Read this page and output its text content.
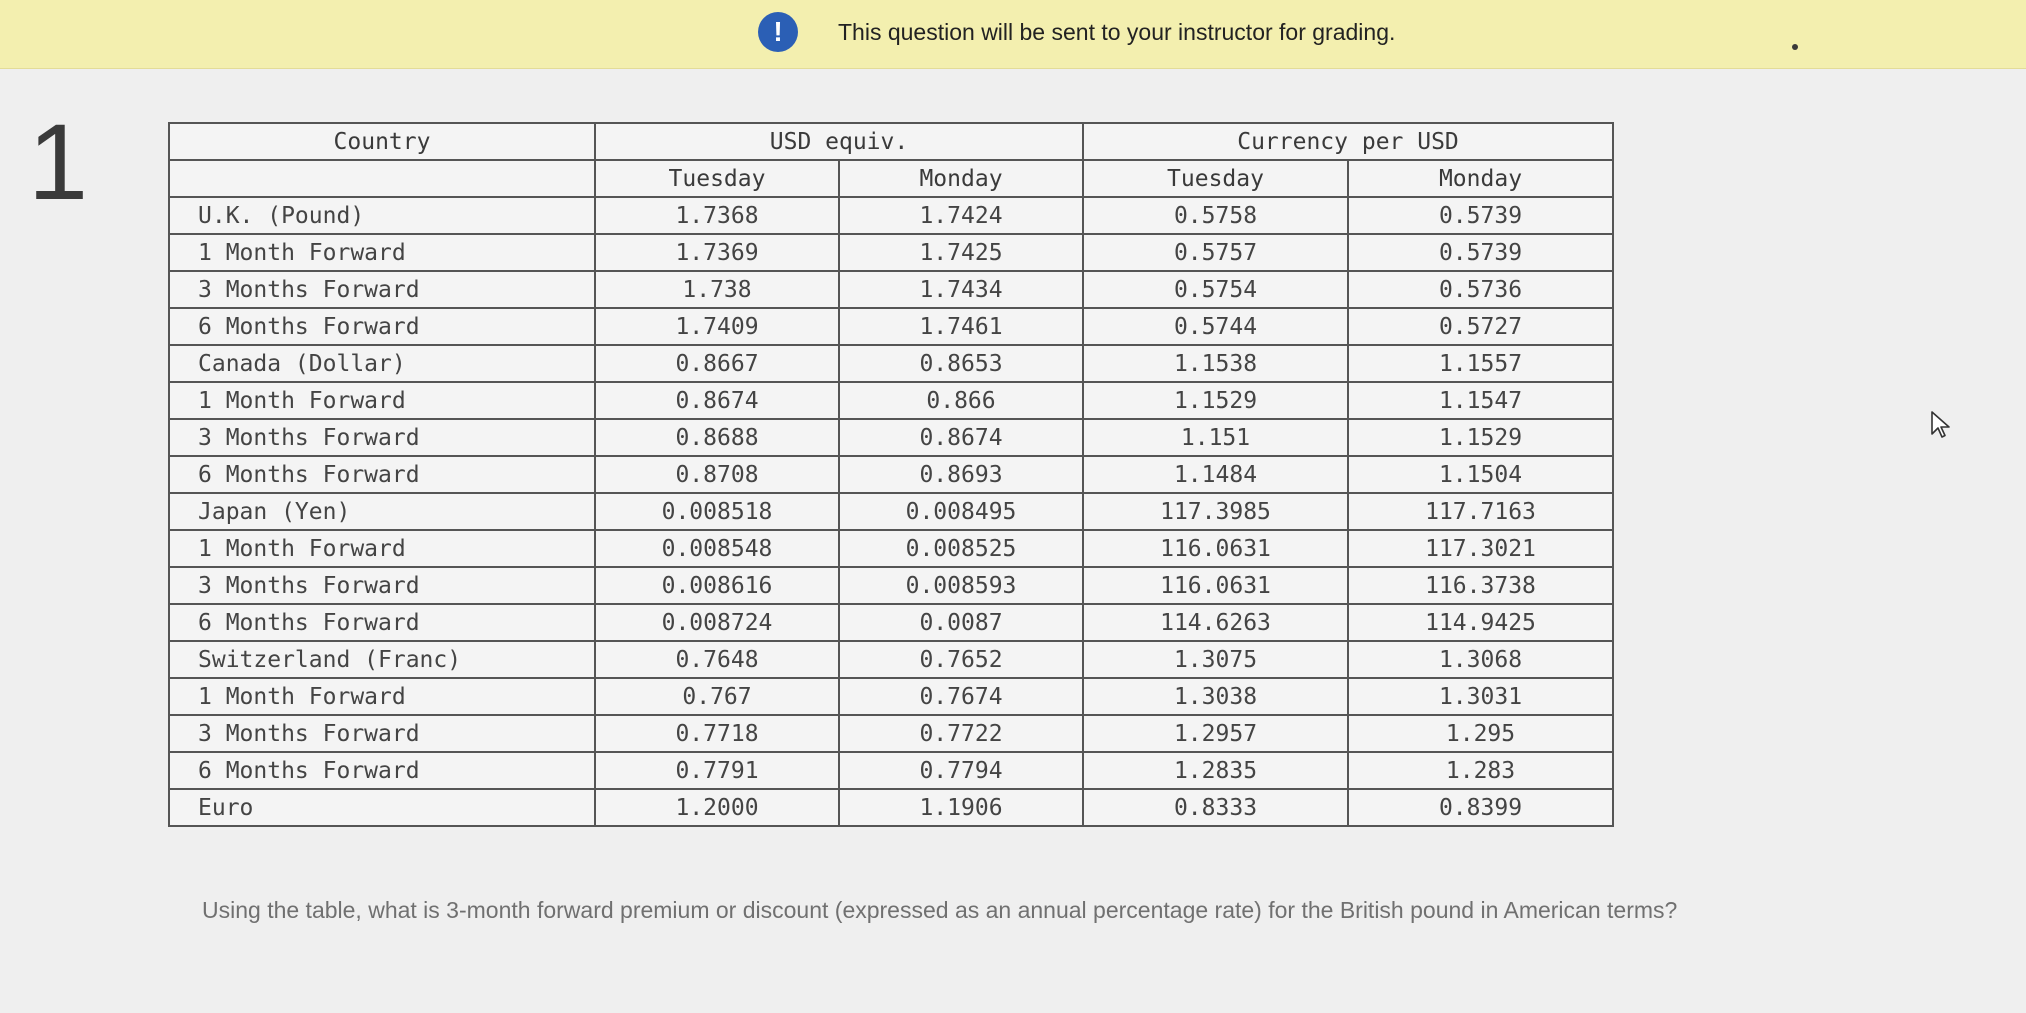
!	This question will be sent to your instructor for grading.
1	Country	USD equiv.		Currency per USD	
	Tuesday	Monday	Tuesday	Monday
U.K. (Pound)	1.7368	1.7424	0.5758	0.5739
1 Month Forward	1.7369	1.7425	0.5757	0.5739
3 Months Forward	1.738	1.7434	0.5754	0.5736
6 Months Forward	1.7409	1.7461	0.5744	0.5727
Canada (Dollar)	0.8667	0.8653	1.1538	1.1557
1 Month Forward	0.8674	0.866	1.1529	1.1547
3 Months Forward	0.8688	0.8674	1.151	1.1529
6 Months Forward	0.8708	0.8693	1.1484	1.1504
Japan (Yen)	0.008518	0.008495	117.3985	117.7163
1 Month Forward	0.008548	0.008525	116.0631	117.3021
3 Months Forward	0.008616	0.008593	116.0631	116.3738
6 Months Forward	0.008724	0.0087	114.6263	114.9425
Switzerland (Franc)	0.7648	0.7652	1.3075	1.3068
1 Month Forward	0.767	0.7674	1.3038	1.3031
3 Months Forward	0.7718	0.7722	1.2957	1.295
6 Months Forward	0.7791	0.7794	1.2835	1.283
Euro	1.2000	1.1906	0.8333	0.8399
Using the table, what is 3-month forward premium or discount (expressed as an annual percentage rate) for the British pound in American terms?
